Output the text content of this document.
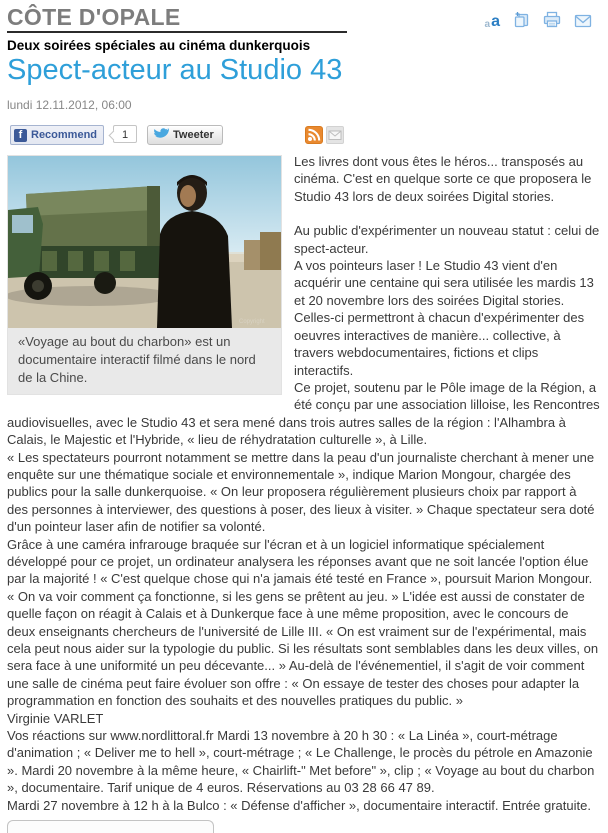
CÔTE D'OPALE	a a
Deux soirées spéciales au cinéma dunkerquois
Spect-acteur au Studio 43
lundi 12.11.2012, 06:00
f Recommend	1	Tweeter
Copyright
«Voyage au bout du charbon» est un documentaire interactif filmé dans le nord de la Chine.

Les livres dont vous êtes le héros... transposés au cinéma. C'est en quelque sorte ce que proposera le Studio 43 lors de deux soirées Digital stories.

Au public d'expérimenter un nouveau statut : celui de spect-acteur.

A vos pointeurs laser ! Le Studio 43 vient d'en acquérir une centaine qui sera utilisée les mardis 13 et 20 novembre lors des soirées Digital stories.

Celles-ci permettront à chacun d'expérimenter des oeuvres interactives de manière... collective, à travers webdocumentaires, fictions et clips interactifs.

Ce projet, soutenu par le Pôle image de la Région, a été conçu par une association lilloise, les Rencontres audiovisuelles, avec le Studio 43 et sera mené dans trois autres salles de la région : l'Alhambra à Calais, le Majestic et l'Hybride, « lieu de réhydratation culturelle », à Lille.

« Les spectateurs pourront notamment se mettre dans la peau d'un journaliste cherchant à mener une enquête sur une thématique sociale et environnementale », indique Marion Mongour, chargée des publics pour la salle dunkerquoise. « On leur proposera régulièrement plusieurs choix par rapport à des personnes à interviewer, des questions à poser, des lieux à visiter. » Chaque spectateur sera doté d'un pointeur laser afin de notifier sa volonté.

Grâce à une caméra infrarouge braquée sur l'écran et à un logiciel informatique spécialement développé pour ce projet, un ordinateur analysera les réponses avant que ne soit lancée l'option élue par la majorité ! « C'est quelque chose qui n'a jamais été testé en France », poursuit Marion Mongour. « On va voir comment ça fonctionne, si les gens se prêtent au jeu. » L'idée est aussi de constater de quelle façon on réagit à Calais et à Dunkerque face à une même proposition, avec le concours de deux enseignants chercheurs de l'université de Lille III. « On est vraiment sur de l'expérimental, mais cela peut nous aider sur la typologie du public. Si les résultats sont semblables dans les deux villes, on sera face à une uniformité un peu décevante... » Au-delà de l'événementiel, il s'agit de voir comment une salle de cinéma peut faire évoluer son offre : « On essaye de tester des choses pour adapter la programmation en fonction des souhaits et des nouvelles pratiques du public. »

Virginie VARLET

Vos réactions sur www.nordlittoral.fr Mardi 13 novembre à 20 h 30 : « La Linéa », court-métrage d'animation ; « Deliver me to hell », court-métrage ; « Le Challenge, le procès du pétrole en Amazonie ». Mardi 20 novembre à la même heure, « Chairlift-" Met before" », clip ; « Voyage au bout du charbon », documentaire. Tarif unique de 4 euros. Réservations au 03 28 66 47 89.

Mardi 27 novembre à 12 h à la Bulco : « Défense d'afficher », documentaire interactif. Entrée gratuite.
